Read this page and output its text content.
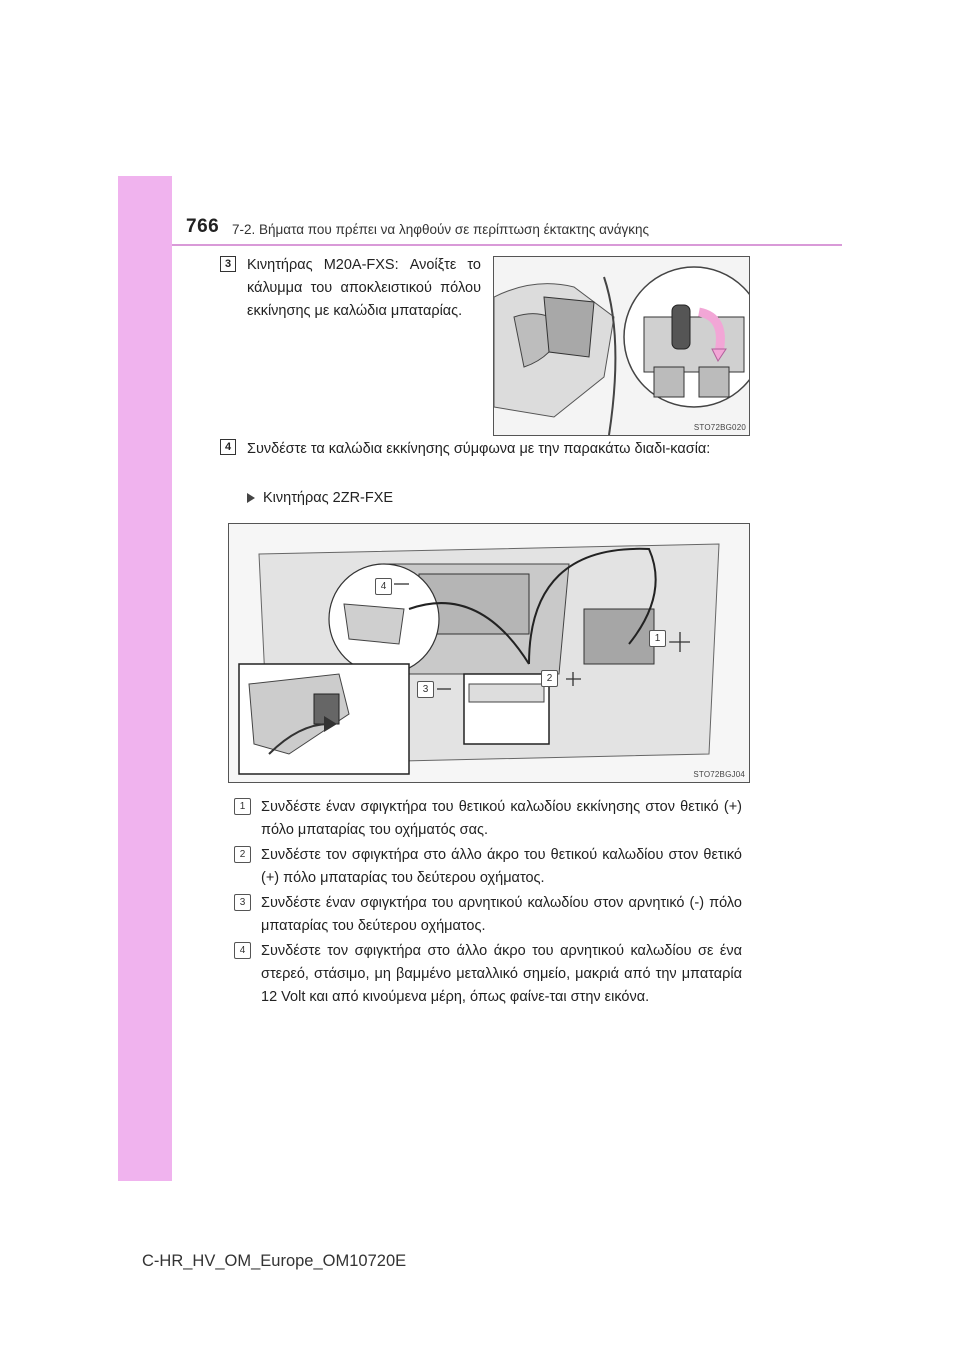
766 7-2. Βήματα που πρέπει να ληφθούν σε περίπτωση έκτακτης ανάγκης
3	Κινητήρας M20A-FXS: Ανοίξτε το κάλυμμα του αποκλειστικού πόλου εκκίνησης με καλώδια μπαταρίας.
STO72BG020
4	Συνδέστε τα καλώδια εκκίνησης σύμφωνα με την παρακάτω διαδι-κασία:
Κινητήρας 2ZR-FXE
1
2
3
4
STO72BGJ04
1	Συνδέστε έναν σφιγκτήρα του θετικού καλωδίου εκκίνησης στον θετικό (+) πόλο μπαταρίας του οχήματός σας.
2	Συνδέστε τον σφιγκτήρα στο άλλο άκρο του θετικού καλωδίου στον θετικό (+) πόλο μπαταρίας του δεύτερου οχήματος.
3	Συνδέστε έναν σφιγκτήρα του αρνητικού καλωδίου στον αρνητικό (-) πόλο μπαταρίας του δεύτερου οχήματος.
4	Συνδέστε τον σφιγκτήρα στο άλλο άκρο του αρνητικού καλωδίου σε ένα στερεό, στάσιμο, μη βαμμένο μεταλλικό σημείο, μακριά από την μπαταρία 12 Volt και από κινούμενα μέρη, όπως φαίνε-ται στην εικόνα.
C-HR_HV_OM_Europe_OM10720E
